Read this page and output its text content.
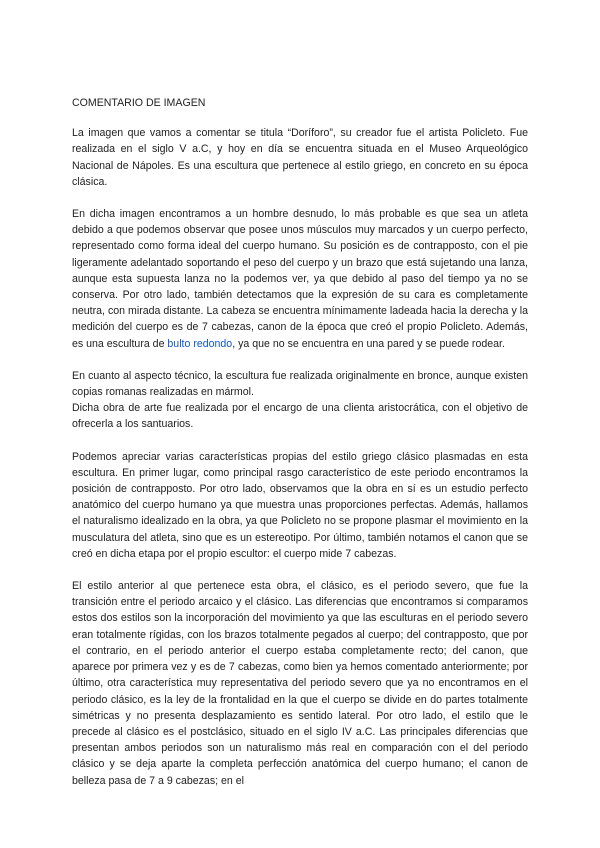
COMENTARIO DE IMAGEN

La imagen que vamos a comentar se titula “Doríforo”, su creador fue el artista Policleto. Fue realizada en el siglo V a.C, y hoy en día se encuentra situada en el Museo Arqueológico Nacional de Nápoles. Es una escultura que pertenece al estilo griego, en concreto en su época clásica.

En dicha imagen encontramos a un hombre desnudo, lo más probable es que sea un atleta debido a que podemos observar que posee unos músculos muy marcados y un cuerpo perfecto, representado como forma ideal del cuerpo humano. Su posición es de contrapposto, con el pie ligeramente adelantado soportando el peso del cuerpo y un brazo que está sujetando una lanza, aunque esta supuesta lanza no la podemos ver, ya que debido al paso del tiempo ya no se conserva. Por otro lado, también detectamos que la expresión de su cara es completamente neutra, con mirada distante. La cabeza se encuentra mínimamente ladeada hacia la derecha y la medición del cuerpo es de 7 cabezas, canon de la época que creó el propio Policleto. Además, es una escultura de bulto redondo, ya que no se encuentra en una pared y se puede rodear.

En cuanto al aspecto técnico, la escultura fue realizada originalmente en bronce, aunque existen copias romanas realizadas en mármol.

Dicha obra de arte fue realizada por el encargo de una clienta aristocrática, con el objetivo de ofrecerla a los santuarios.

Podemos apreciar varias características propias del estilo griego clásico plasmadas en esta escultura. En primer lugar, como principal rasgo característico de este periodo encontramos la posición de contrapposto. Por otro lado, observamos que la obra en sí es un estudio perfecto anatómico del cuerpo humano ya que muestra unas proporciones perfectas. Además, hallamos el naturalismo idealizado en la obra, ya que Policleto no se propone plasmar el movimiento en la musculatura del atleta, sino que es un estereotipo. Por último, también notamos el canon que se creó en dicha etapa por el propio escultor: el cuerpo mide 7 cabezas.

El estilo anterior al que pertenece esta obra, el clásico, es el periodo severo, que fue la transición entre el periodo arcaico y el clásico. Las diferencias que encontramos si comparamos estos dos estilos son la incorporación del movimiento ya que las esculturas en el periodo severo eran totalmente rígidas, con los brazos totalmente pegados al cuerpo; del contrapposto, que por el contrario, en el periodo anterior el cuerpo estaba completamente recto; del canon, que aparece por primera vez y es de 7 cabezas, como bien ya hemos comentado anteriormente; por último, otra característica muy representativa del periodo severo que ya no encontramos en el periodo clásico, es la ley de la frontalidad en la que el cuerpo se divide en do partes totalmente simétricas y no presenta desplazamiento es sentido lateral. Por otro lado, el estilo que le precede al clásico es el postclásico, situado en el siglo IV a.C. Las principales diferencias que presentan ambos periodos son un naturalismo más real en comparación con el del periodo clásico y se deja aparte la completa perfección anatómica del cuerpo humano; el canon de belleza pasa de 7 a 9 cabezas; en el
